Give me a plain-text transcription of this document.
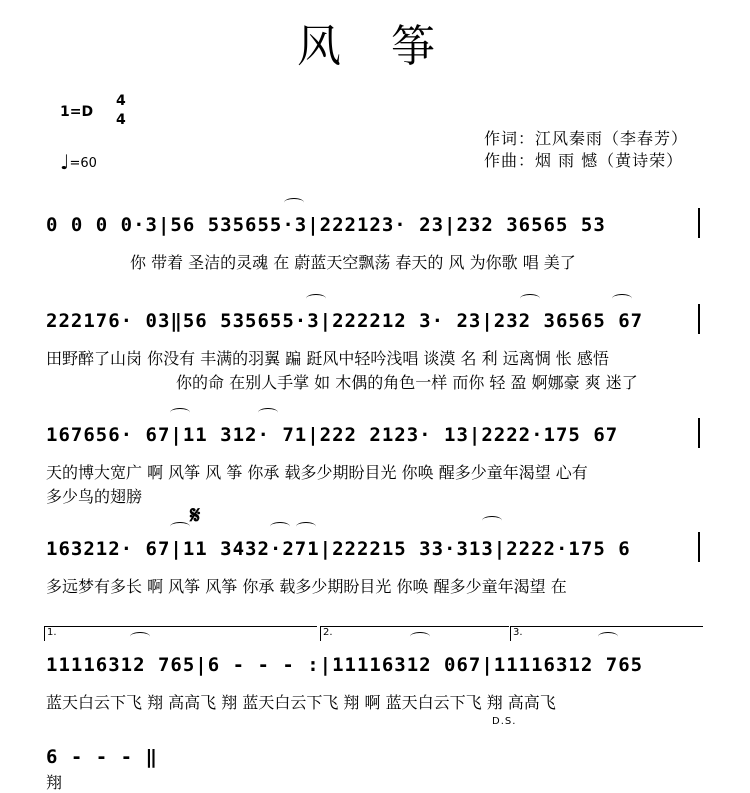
风 筝
1=D
4
4
♩=60
作词：江风秦雨（李春芳）
作曲：烟 雨 憾（黄诗荣）
0 0 0 0·3|56 535655·3|222123· 23|232 36565 53
你 带着 圣洁的灵魂 在 蔚蓝天空飘荡 春天的 风 为你歌 唱 美了
222176· 03‖56 535655·3|222212 3· 23|232 36565 67
田野醉了山岗 你没有 丰满的羽翼 蹁 跹风中轻吟浅唱 谈漠 名 利 远离惆 怅 感悟
你的命 在别人手掌 如 木偶的角色一样 而你 轻 盈 婀娜豪 爽 迷了
167656· 67|11 312· 71|222 2123· 13|2222·175 67
天的博大宽广 啊 风筝 风 筝 你承 载多少期盼目光 你唤 醒多少童年渴望 心有
多少鸟的翅膀
𝄋
163212· 67|11 3432·271|222215 33·313|2222·175 6
多远梦有多长 啊 风筝 风筝 你承 载多少期盼目光 你唤 醒多少童年渴望 在
1.	2.	3.
11116312 765|6 - - - :|11116312 067|11116312 765
蓝天白云下飞 翔 高高飞 翔 蓝天白云下飞 翔 啊 蓝天白云下飞 翔 高高飞
D.S.
6 - - - ‖
翔
